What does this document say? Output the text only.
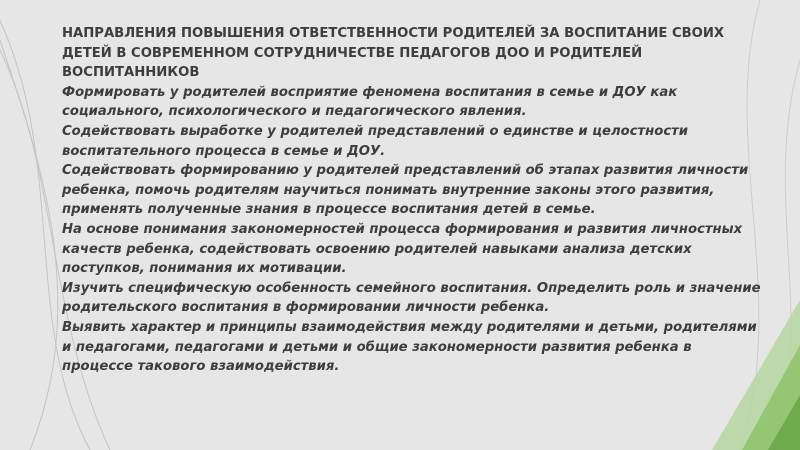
НАПРАВЛЕНИЯ ПОВЫШЕНИЯ ОТВЕТСТВЕННОСТИ РОДИТЕЛЕЙ ЗА ВОСПИТАНИЕ СВОИХ ДЕТЕЙ В СОВРЕМЕННОМ СОТРУДНИЧЕСТВЕ ПЕДАГОГОВ ДОО И РОДИТЕЛЕЙ ВОСПИТАННИКОВ

Формировать у родителей восприятие феномена воспитания в семье и ДОУ как социального, психологического и педагогического явления.

Содействовать выработке у родителей представлений о единстве и целостности воспитательного процесса в семье и ДОУ.

Содействовать формированию у родителей представлений об этапах развития личности ребенка, помочь родителям научиться понимать внутренние законы этого развития, применять полученные знания в процессе воспитания детей в семье.

На основе понимания закономерностей процесса формирования и развития личностных качеств ребенка, содействовать освоению родителей навыками анализа детских поступков, понимания их мотивации.

Изучить специфическую особенность семейного воспитания. Определить роль и значение родительского воспитания в формировании личности ребенка.

Выявить характер и принципы взаимодействия между родителями и детьми, родителями и педагогами, педагогами и детьми и общие закономерности развития ребенка в процессе такового взаимодействия.
